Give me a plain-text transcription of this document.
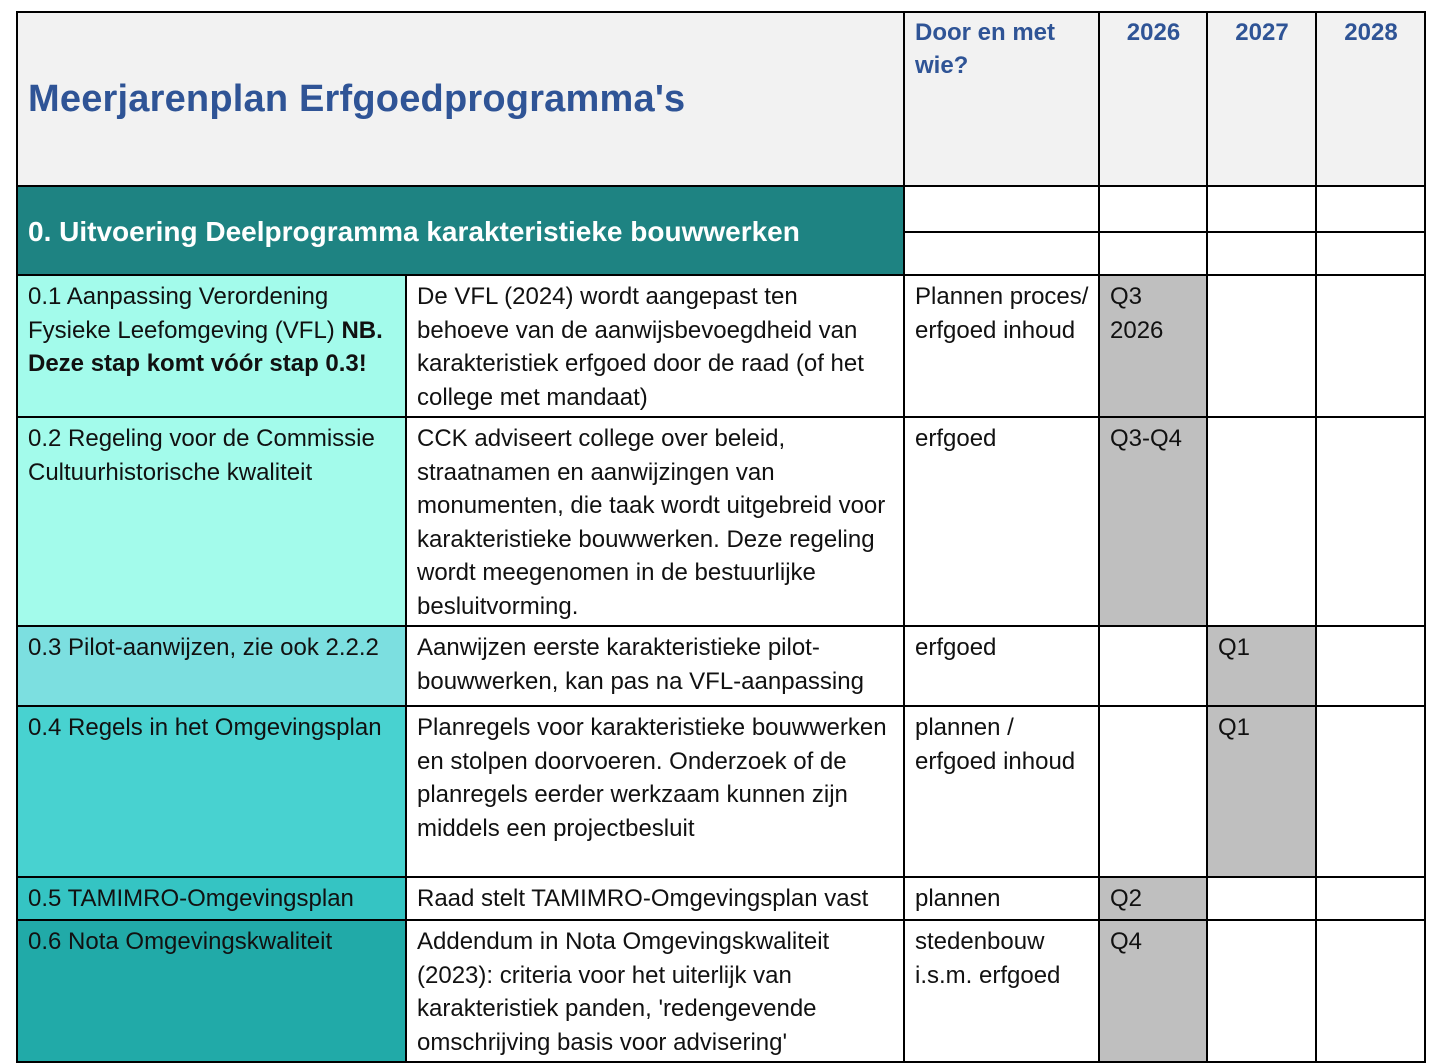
Meerjarenplan Erfgoedprogramma's		Door en met wie?	2026	2027	2028
0. Uitvoering Deelprogramma karakteristieke bouwwerken					

0.1 Aanpassing Verordening Fysieke Leefomgeving (VFL) NB. Deze stap komt vóór stap 0.3!	De VFL (2024) wordt aangepast ten behoeve van de aanwijsbevoegdheid van karakteristiek erfgoed door de raad (of het college met mandaat)	Plannen proces/ erfgoed inhoud	Q3 2026		
0.2 Regeling voor de Commissie Cultuurhistorische kwaliteit	CCK adviseert college over beleid, straatnamen en aanwijzingen van monumenten, die taak wordt uitgebreid voor karakteristieke bouwwerken. Deze regeling wordt meegenomen in de bestuurlijke besluitvorming.	erfgoed	Q3-Q4		
0.3 Pilot-aanwijzen, zie ook 2.2.2	Aanwijzen eerste karakteristieke pilot-bouwwerken, kan pas na VFL-aanpassing	erfgoed		Q1	
0.4 Regels in het Omgevingsplan	Planregels voor karakteristieke bouwwerken en stolpen doorvoeren. Onderzoek of de planregels eerder werkzaam kunnen zijn middels een projectbesluit	plannen / erfgoed inhoud		Q1	
0.5 TAMIMRO-Omgevingsplan	Raad stelt TAMIMRO-Omgevingsplan vast	plannen	Q2		
0.6 Nota Omgevingskwaliteit	Addendum in Nota Omgevingskwaliteit (2023): criteria voor het uiterlijk van karakteristiek panden, 'redengevende omschrijving basis voor advisering'	stedenbouw i.s.m. erfgoed	Q4		
